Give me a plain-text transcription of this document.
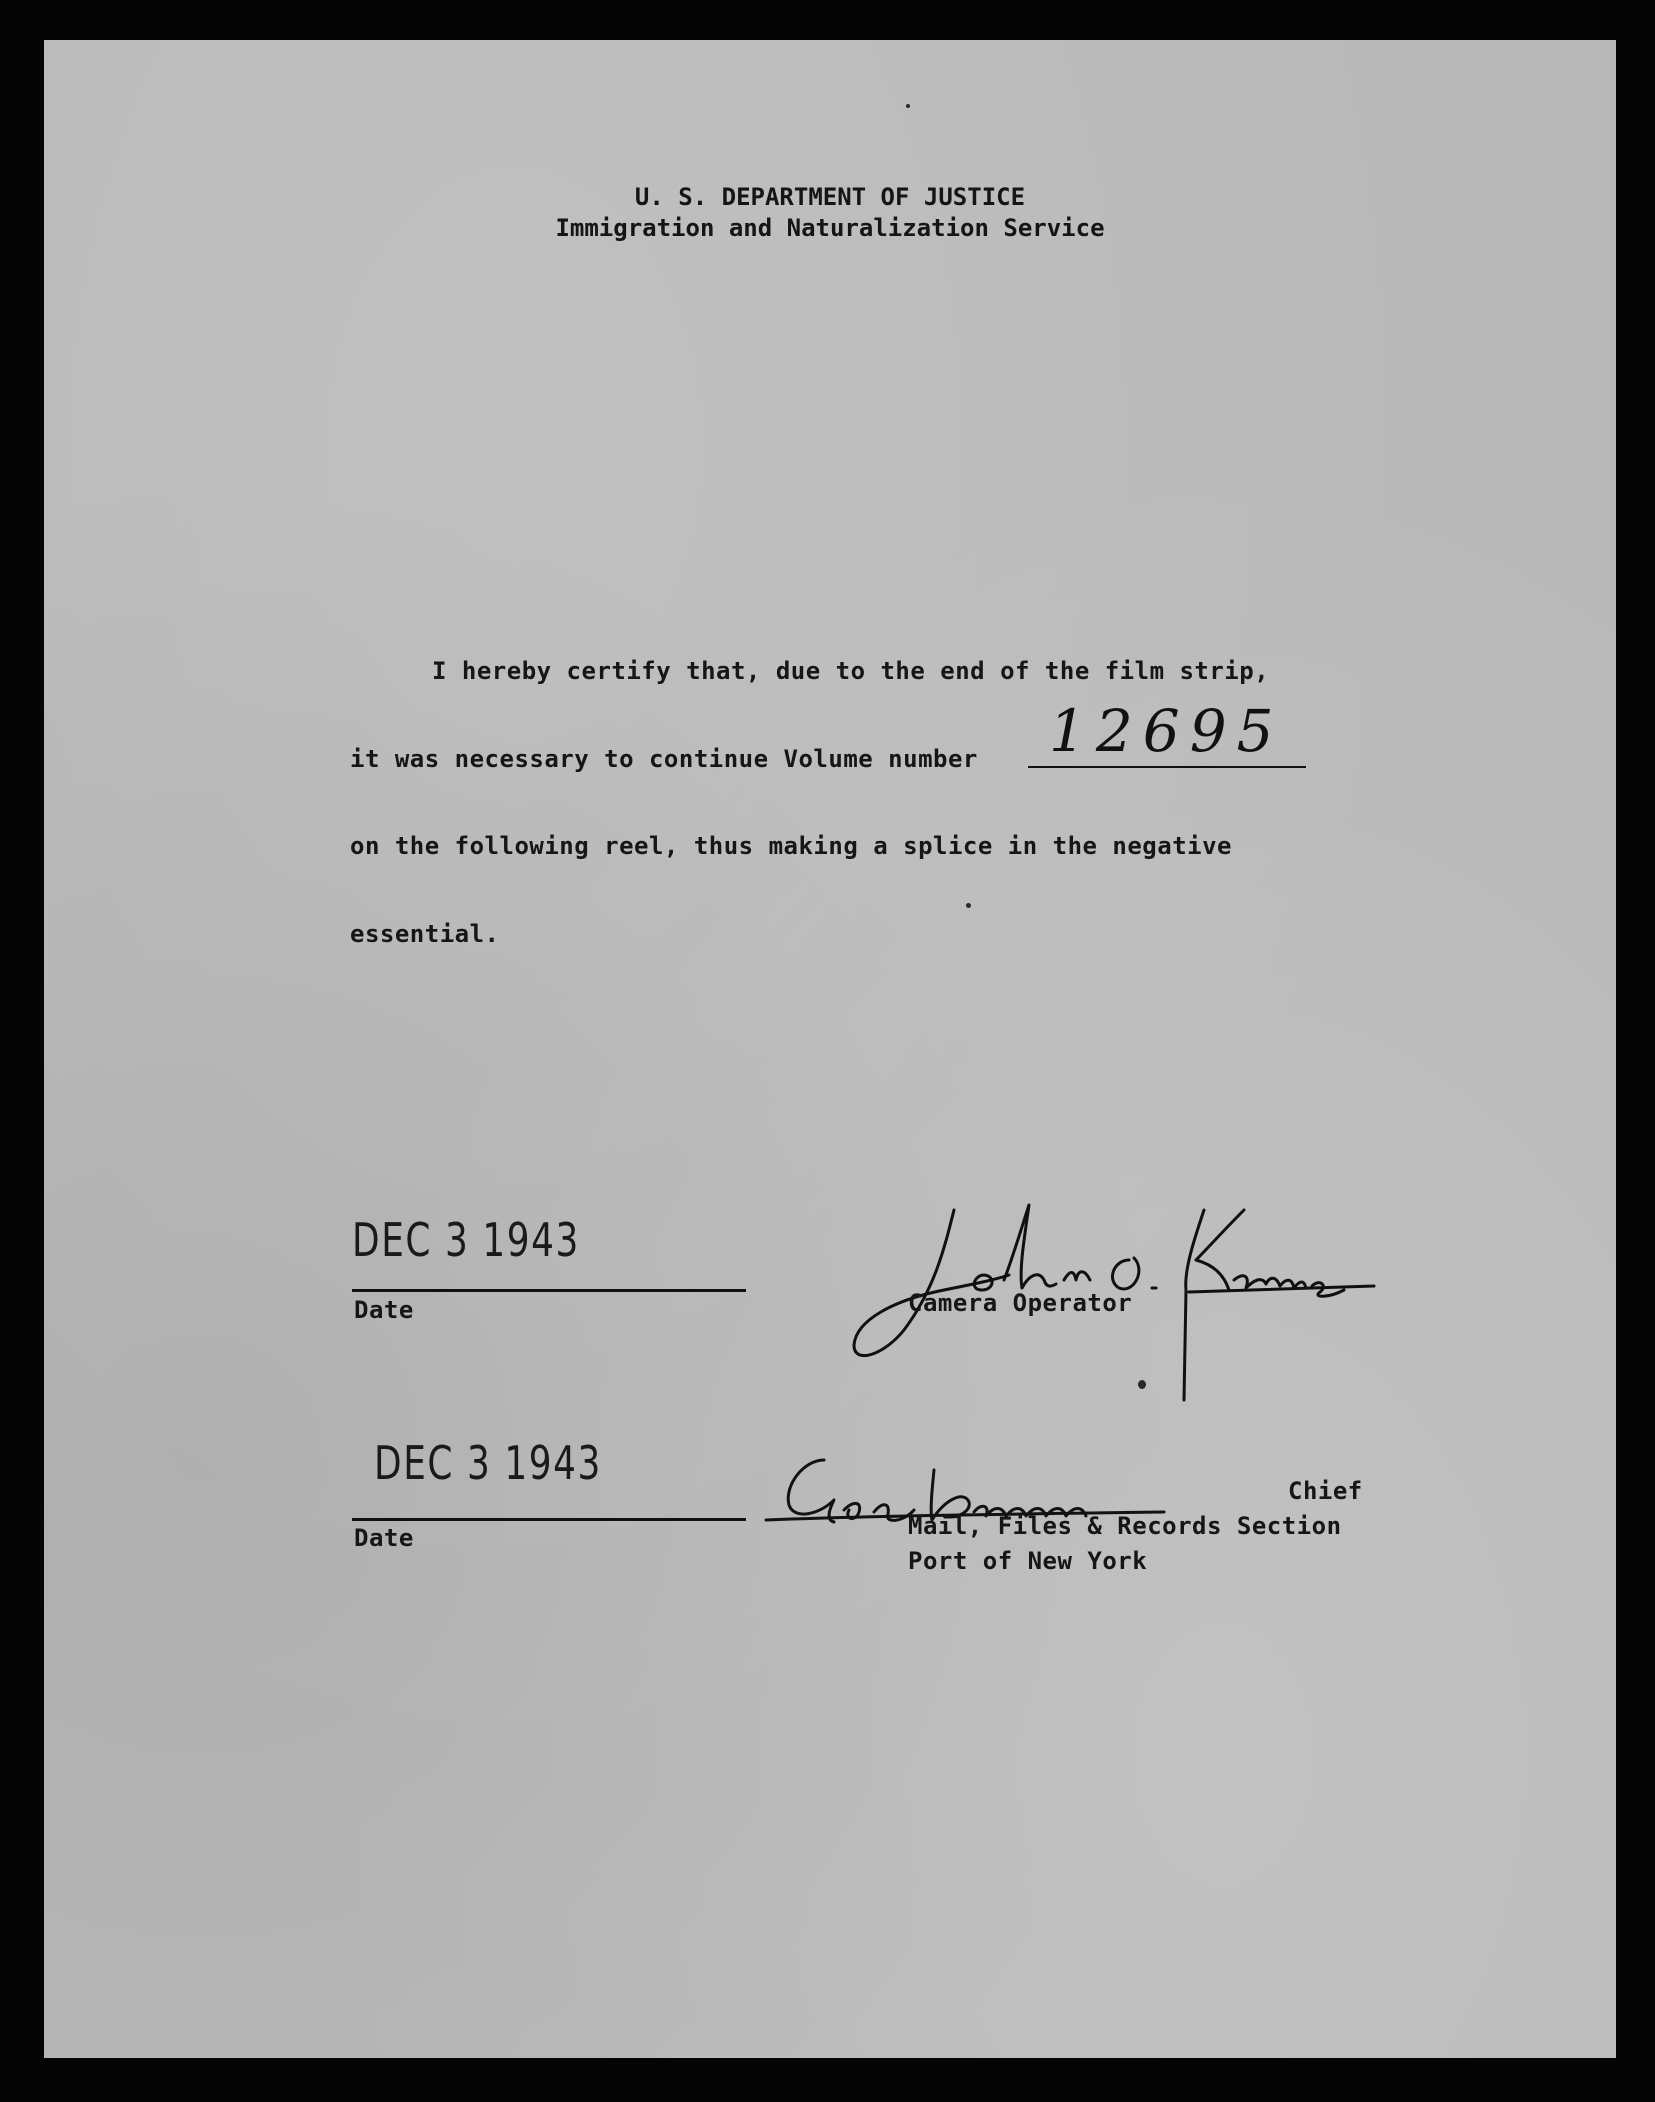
U. S. DEPARTMENT OF JUSTICE
Immigration and Naturalization Service
I hereby certify that, due to the end of the film strip,
it was necessary to continue Volume number 12695
on the following reel, thus making a splice in the negative
essential.
DEC 3 1943
Date	Camera Operator
DEC 3 1943
Date
Chief
Mail, Files & Records Section
Port of New York
